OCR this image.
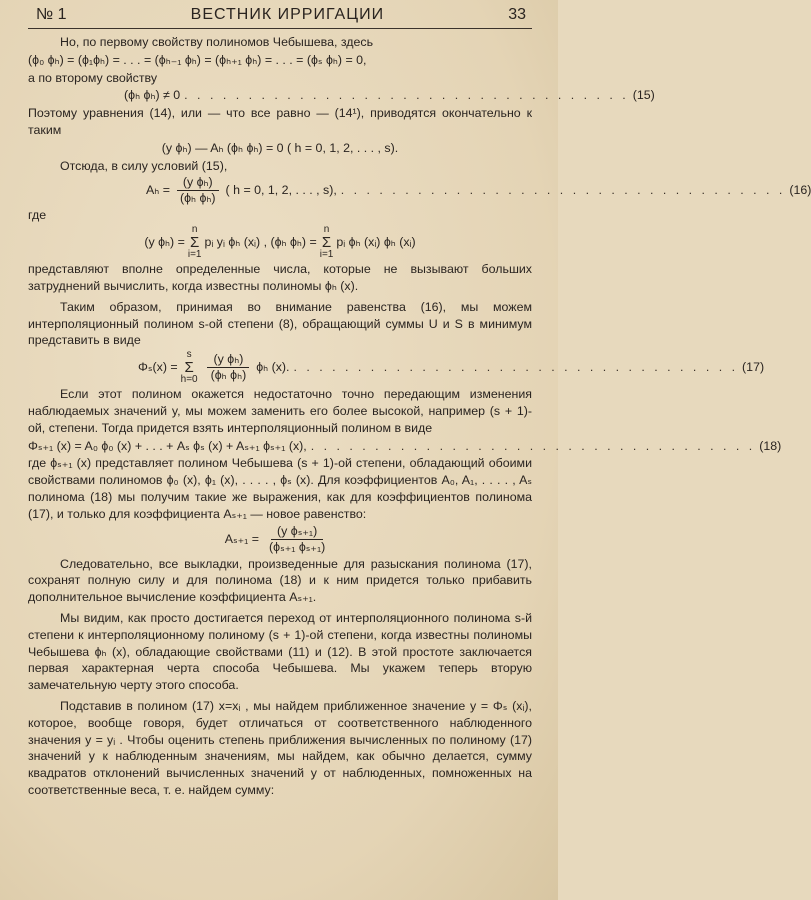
№ 1	ВЕСТНИК ИРРИГАЦИИ	33

Но, по первому свойству полиномов Чебышева, здесь

(ϕ₀ ϕₕ) = (ϕ₁ϕₕ) = . . . = (ϕₕ₋₁ ϕₕ) = (ϕₕ₊₁ ϕₕ) = . . . = (ϕₛ ϕₕ) = 0,

а по второму свойству

(ϕₕ ϕₕ) ≠ 0 . . . . . . . . . . . . . . . . . . . . . . . . . . . . . . . . . . . (15)

Поэтому уравнения (14), или — что все равно — (14¹), приводятся окончательно к таким

(y ϕₕ) — Aₕ (ϕₕ ϕₕ) = 0 ( h = 0, 1, 2, . . . , s).

Отсюда, в силу условий (15),

$A_h = \frac{\text{(y ϕₕ)}}{\text{(ϕₕ ϕₕ)}}$ ( h = 0, 1, 2, . . . , s), . . . . . . . . . . . . . . . . . . . . . . . . . . . . . . . . . . . (16)

где

(y ϕₕ) =
n
Σ
i=1
pᵢ yᵢ ϕₕ (xᵢ) , (ϕₕ ϕₕ) =
n
Σ
i=1
pᵢ ϕₕ (xᵢ) ϕₕ (xᵢ)

представляют вполне определенные числа, которые не вызывают больших затруднений вычислить, когда известны полиномы ϕₕ (x).

Таким образом, принимая во внимание равенства (16), мы можем интерполяционный полином s-ой степени (8), обращающий суммы U и S в минимум представить в виде

Φₛ(x) =
s
Σ
$h=0 \frac{\text{(y ϕₕ)}}{\text{(ϕₕ ϕₕ)}}$ ϕₕ (x). . . . . . . . . . . . . . . . . . . . . . . . . . . . . . . . . . . . (17)

Если этот полином окажется недостаточно точно передающим изменения наблюдаемых значений y, мы можем заменить его более высокой, например (s + 1)-ой, степени. Тогда придется взять интерполяционный полином в виде

Φₛ₊₁ (x) = A₀ ϕ₀ (x) + . . . + Aₛ ϕₛ (x) + Aₛ₊₁ ϕₛ₊₁ (x), . . . . . . . . . . . . . . . . . . . . . . . . . . . . . . . . . . . (18)

где ϕₛ₊₁ (x) представляет полином Чебышева (s + 1)-ой степени, обладающий обоими свойствами полиномов ϕ₀ (x), ϕ₁ (x), . . . . , ϕₛ (x). Для коэффициентов A₀, A₁, . . . . , Aₛ полинома (18) мы получим такие же выражения, как для коэффициентов полинома (17), и только для коэффициента Aₛ₊₁ — новое равенство:

$A_{s+1} = \frac{\text{(y ϕₛ₊₁)}}{\text{(ϕₛ₊₁ ϕₛ₊₁)}}$

Следовательно, все выкладки, произведенные для разыскания полинома (17), сохранят полную силу и для полинома (18) и к ним придется только прибавить дополнительное вычисление коэффициента Aₛ₊₁.

Мы видим, как просто достигается переход от интерполяционного полинома s-й степени к интерполяционному полиному (s + 1)-ой степени, когда известны полиномы Чебышева ϕₕ (x), обладающие свойствами (11) и (12). В этой простоте заключается первая характерная черта способа Чебышева. Мы укажем теперь вторую замечательную черту этого способа.

Подставив в полином (17) x=xᵢ , мы найдем приближенное значение y = Φₛ (xᵢ), которое, вообще говоря, будет отличаться от соответственного наблюденного значения y = yᵢ . Чтобы оценить степень приближения вычисленных по полиному (17) значений y к наблюденным значениям, мы найдем, как обычно делается, сумму квадратов отклонений вычисленных значений y от наблюденных, помноженных на соответственные веса, т. е. найдем сумму:
